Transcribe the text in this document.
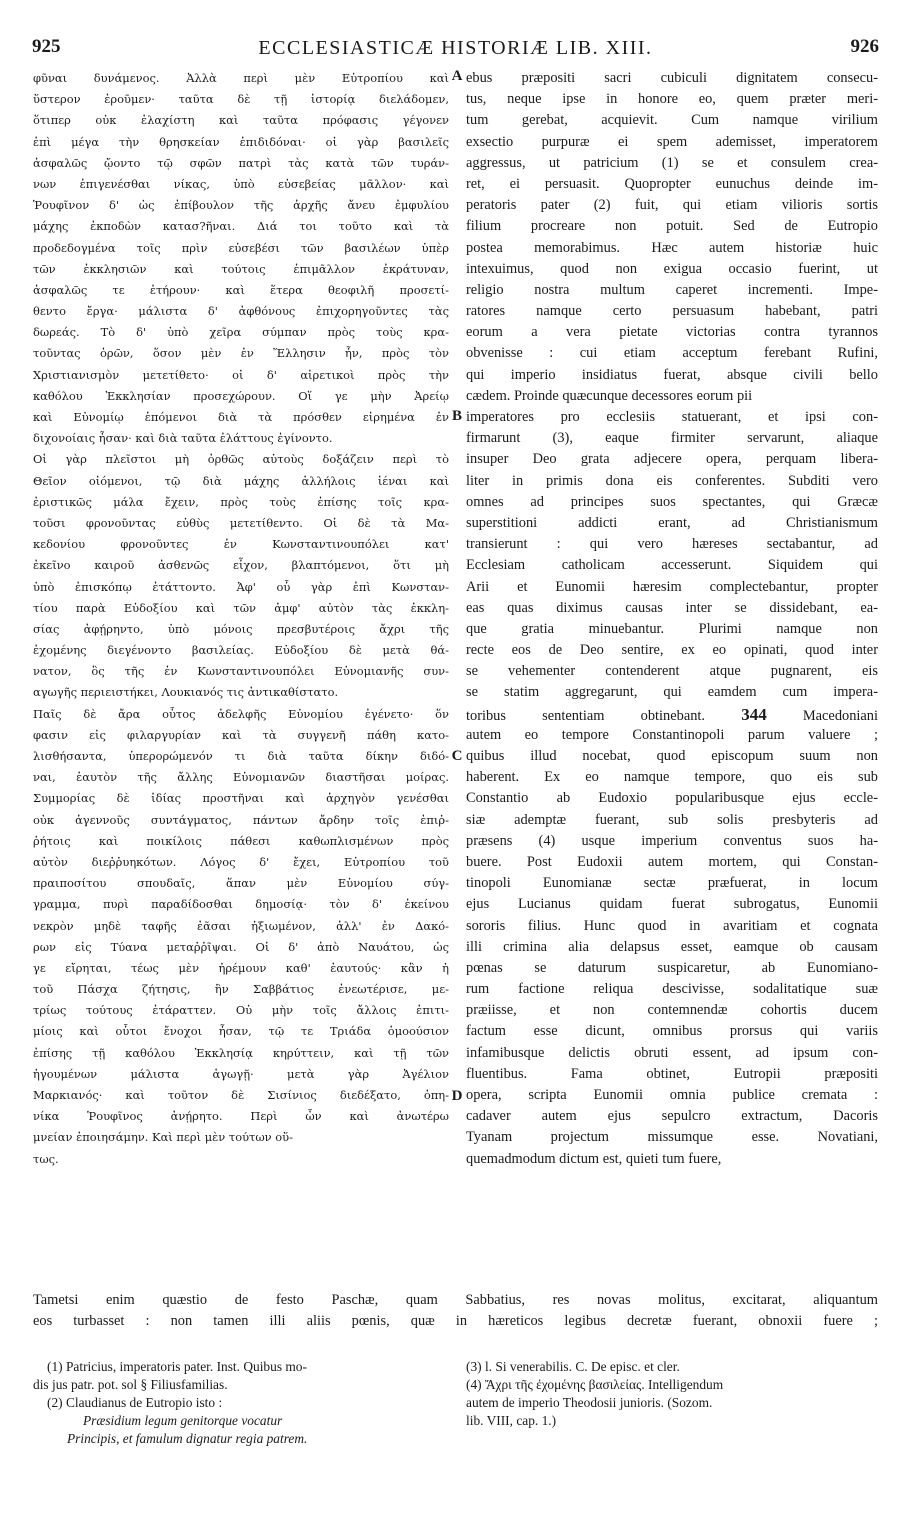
925	ECCLESIASTICÆ HISTORIÆ LIB. XIII.	926
A
B
C
D
φῦναι δυνάμενος. Ἀλλὰ περὶ μὲν Εὐτροπίου καὶ
ὕστερον ἐροῦμεν· ταῦτα δὲ τῇ ἱστορίᾳ διελάδομεν,
ὅτιπερ οὐκ ἐλαχίστη καὶ ταῦτα πρόφασις γέγονεν
ἐπὶ μέγα τὴν θρησκείαν ἐπιδιδόναι· οἱ γὰρ βασιλεῖς
ἀσφαλῶς ᾤοντο τῷ σφῶν πατρὶ τὰς κατὰ τῶν τυράν-
νων ἐπιγενέσθαι νίκας, ὑπὸ εὐσεβείας μᾶλλον· καὶ
Ῥουφῖνον δ' ὡς ἐπίβουλον τῆς ἀρχῆς ἄνευ ἐμφυλίου
μάχης ἐκποδὼν κατασ?ῆναι. Διά τοι τοῦτο καὶ τὰ
προδεδογμένα τοῖς πρὶν εὐσεβέσι τῶν βασιλέων ὑπὲρ
τῶν ἐκκλησιῶν καὶ τούτοις ἐπιμᾶλλον ἐκράτυναν,
ἀσφαλῶς τε ἐτήρουν· καὶ ἕτερα θεοφιλῆ προσετί-
θεντο ἔργα· μάλιστα δ' ἀφθόνους ἐπιχορηγοῦντες τὰς
δωρεάς. Τὸ δ' ὑπὸ χεῖρα σύμπαν πρὸς τοὺς κρα-
τοῦντας ὁρῶν, ὅσον μὲν ἐν Ἕλλησιν ἦν, πρὸς τὸν
Χριστιανισμὸν μετετίθετο· οἱ δ' αἱρετικοὶ πρὸς τὴν
καθόλου Ἐκκλησίαν προσεχώρουν. Οἵ γε μὴν Ἀρείῳ
καὶ Εὐνομίῳ ἑπόμενοι διὰ τὰ πρόσθεν εἰρημένα ἐν
διχονοίαις ἦσαν· καὶ διὰ ταῦτα ἐλάττους ἐγίνοντο.
Οἱ γὰρ πλεῖστοι μὴ ὀρθῶς αὐτοὺς δοξάζειν περὶ τὸ
Θεῖον οἰόμενοι, τῷ διὰ μάχης ἀλλήλοις ἰέναι καὶ
ἐριστικῶς μάλα ἔχειν, πρὸς τοὺς ἐπίσης τοῖς κρα-
τοῦσι φρονοῦντας εὐθὺς μετετίθεντο. Οἱ δὲ τὰ Μα-
κεδονίου φρονοῦντες ἐν Κωνσταντινουπόλει κατ'
ἐκεῖνο καιροῦ ἀσθενῶς εἶχον, βλαπτόμενοι, ὅτι μὴ
ὑπὸ ἐπισκόπῳ ἐτάττοντο. Ἀφ' οὗ γὰρ ἐπὶ Κωνσταν-
τίου παρὰ Εὐδοξίου καὶ τῶν ἀμφ' αὐτὸν τὰς ἐκκλη-
σίας ἀφῄρηντο, ὑπὸ μόνοις πρεσβυτέροις ἄχρι τῆς
ἐχομένης διεγένοντο βασιλείας. Εὐδοξίου δὲ μετὰ θά-
νατον, ὃς τῆς ἐν Κωνσταντινουπόλει Εὐνομιανῆς συν-
αγωγῆς περιειστήκει, Λουκιανός τις ἀντικαθίστατο.
Παῖς δὲ ἄρα οὗτος ἀδελφῆς Εὐνομίου ἐγένετο· ὅν
φασιν εἰς φιλαργυρίαν καὶ τὰ συγγενῆ πάθη κατο-
λισθήσαντα, ὑπερορώμενόν τι διὰ ταῦτα δίκην διδό-
ναι, ἑαυτὸν τῆς ἄλλης Εὐνομιανῶν διαστῆσαι μοίρας.
Συμμορίας δὲ ἰδίας προστῆναι καὶ ἀρχηγὸν γενέσθαι
οὐκ ἀγεννοῦς συντάγματος, πάντων ἄρδην τοῖς ἐπιῤ-
ῥήτοις καὶ ποικίλοις πάθεσι καθωπλισμένων πρὸς
αὐτὸν διεῤῥυηκότων. Λόγος δ' ἔχει, Εὐτροπίου τοῦ
πραιποσίτου σπουδαῖς, ἅπαν μὲν Εὐνομίου σύγ-
γραμμα, πυρὶ παραδίδοσθαι δημοσίᾳ· τὸν δ' ἐκείνου
νεκρὸν μηδὲ ταφῆς ἐᾶσαι ἠξιωμένον, ἀλλ' ἐν Δακό-
ρων εἰς Τύανα μεταῤῥῖψαι. Οἱ δ' ἀπὸ Ναυάτου, ὡς
γε εἴρηται, τέως μὲν ἠρέμουν καθ' ἑαυτούς· κἂν ἡ
τοῦ Πάσχα ζήτησις, ἣν Σαββάτιος ἐνεωτέρισε, με-
τρίως τούτους ἐτάραττεν. Οὐ μὴν τοῖς ἄλλοις ἐπιτι-
μίοις καὶ οὗτοι ἔνοχοι ἦσαν, τῷ τε Τριάδα ὁμοούσιον
ἐπίσης τῇ καθόλου Ἐκκλησίᾳ κηρύττειν, καὶ τῇ τῶν
ἡγουμένων μάλιστα ἀγωγῇ· μετὰ γὰρ Ἀγέλιον
Μαρκιανός· καὶ τοῦτον δὲ Σισίνιος διεδέξατο, ὁπη-
νίκα Ῥουφῖνος ἀνῄρητο. Περὶ ὧν καὶ ἀνωτέρω
μνείαν ἐποιησάμην. Καὶ περὶ μὲν τούτων οὕ-
τως.
ebus præpositi sacri cubiculi dignitatem consecu-
tus, neque ipse in honore eo, quem præter meri-
tum gerebat, acquievit. Cum namque virilium
exsectio purpuræ ei spem ademisset, imperatorem
aggressus, ut patricium (1) se et consulem crea-
ret, ei persuasit. Quopropter eunuchus deinde im-
peratoris pater (2) fuit, qui etiam vilioris sortis
filium procreare non potuit. Sed de Eutropio
postea memorabimus. Hæc autem historiæ huic
intexuimus, quod non exigua occasio fuerint, ut
religio nostra multum caperet incrementi. Impe-
ratores namque certo persuasum habebant, patri
eorum a vera pietate victorias contra tyrannos
obvenisse : cui etiam acceptum ferebant Rufini,
qui imperio insidiatus fuerat, absque civili bello
cædem. Proinde quæcunque decessores eorum pii
imperatores pro ecclesiis statuerant, et ipsi con-
firmarunt (3), eaque firmiter servarunt, aliaque
insuper Deo grata adjecere opera, perquam libera-
liter in primis dona eis conferentes. Subditi vero
omnes ad principes suos spectantes, qui Græcæ
superstitioni addicti erant, ad Christianismum
transierunt : qui vero hæreses sectabantur, ad
Ecclesiam catholicam accesserunt. Siquidem qui
Arii et Eunomii hæresim complectebantur, propter
eas quas diximus causas inter se dissidebant, ea-
que gratia minuebantur. Plurimi namque non
recte eos de Deo sentire, ex eo opinati, quod inter
se vehementer contenderent atque pugnarent, eis
se statim aggregarunt, qui eamdem cum impera-
toribus sententiam obtinebant. 344	Macedoniani
autem eo tempore Constantinopoli parum valuere ;
quibus illud nocebat, quod episcopum suum non
haberent. Ex eo namque tempore, quo eis sub
Constantio ab Eudoxio popularibusque ejus eccle-
siæ ademptæ fuerant, sub solis presbyteris ad
præsens (4) usque imperium conventus suos ha-
buere. Post Eudoxii autem mortem, qui Constan-
tinopoli Eunomianæ sectæ præfuerat, in locum
ejus Lucianus quidam fuerat subrogatus, Eunomii
sororis filius. Hunc quod in avaritiam et cognata
illi crimina alia delapsus esset, eamque ob causam
pœnas se daturum suspicaretur, ab Eunomiano-
rum factione reliqua descivisse, sodalitatique suæ
præiisse, et non contemnendæ cohortis ducem
factum esse dicunt, omnibus prorsus qui variis
infamibusque delictis obruti essent, ad ipsum con-
fluentibus. Fama obtinet, Eutropii præpositi
opera, scripta Eunomii omnia publice cremata :
cadaver autem ejus sepulcro extractum, Dacoris
Tyanam projectum missumque esse. Novatiani,
quemadmodum dictum est, quieti tum fuere,
Tametsi enim quæstio de festo Paschæ, quam Sabbatius, res novas molitus, excitarat, aliquantum
eos turbasset : non tamen illi aliis pœnis, quæ in hæreticos legibus decretæ fuerant, obnoxii fuere ;
(1) Patricius, imperatoris pater. Inst. Quibus mo-
dis jus patr. pot. sol § Filiusfamilias.
(2) Claudianus de Eutropio isto :
Præsidium legum genitorque vocatur
Principis, et famulum dignatur regia patrem.
(3) l. Si venerabilis. C. De episc. et cler.
(4) Ἄχρι τῆς ἐχομένης βασιλείας. Intelligendum
autem de imperio Theodosii junioris. (Sozom.
lib. VIII, cap. 1.)
